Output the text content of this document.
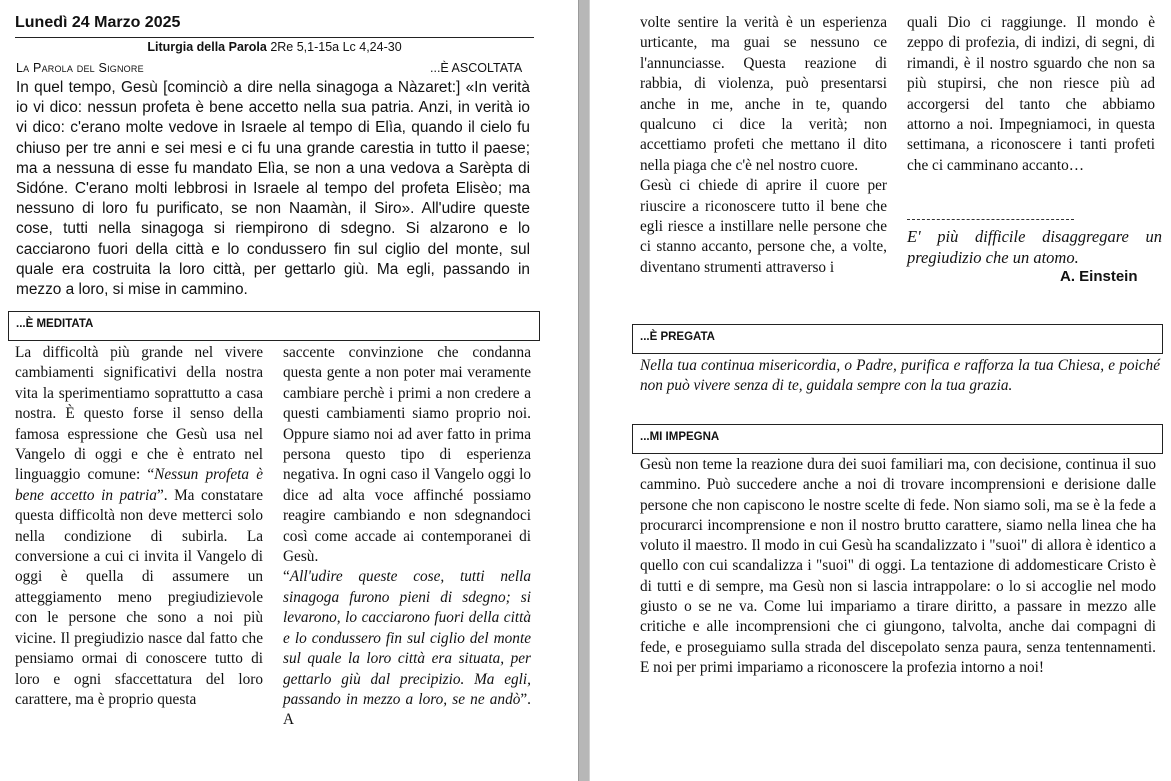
Lunedì 24 Marzo 2025
Liturgia della Parola 2Re 5,1-15a Lc 4,24-30
La Parola del Signore	...È ASCOLTATA
In quel tempo, Gesù [cominciò a dire nella sinagoga a Nàzaret:] «In verità io vi dico: nessun profeta è bene accetto nella sua patria. Anzi, in verità io vi dico: c'erano molte vedove in Israele al tempo di Elìa, quando il cielo fu chiuso per tre anni e sei mesi e ci fu una grande carestia in tutto il paese; ma a nessuna di esse fu mandato Elìa, se non a una vedova a Sarèpta di Sidóne. C'erano molti lebbrosi in Israele al tempo del profeta Elisèo; ma nessuno di loro fu purificato, se non Naamàn, il Siro». All'udire queste cose, tutti nella sinagoga si riempirono di sdegno. Si alzarono e lo cacciarono fuori della città e lo condussero fin sul ciglio del monte, sul quale era costruita la loro città, per gettarlo giù. Ma egli, passando in mezzo a loro, si mise in cammino.
...È MEDITATA

La difficoltà più grande nel vivere cambiamenti significativi della nostra vita la sperimentiamo soprattutto a casa nostra. È questo forse il senso della famosa espressione che Gesù usa nel Vangelo di oggi e che è entrato nel linguaggio comune: “Nessun profeta è bene accetto in patria”. Ma constatare questa difficoltà non deve metterci solo nella condizione di subirla. La conversione a cui ci invita il Vangelo di oggi è quella di assumere un atteggiamento meno pregiudizievole con le persone che sono a noi più vicine. Il pregiudizio nasce dal fatto che pensiamo ormai di conoscere tutto di loro e ogni sfaccettatura del loro carattere, ma è proprio questa

saccente convinzione che condanna questa gente a non poter mai veramente cambiare perchè i primi a non credere a questi cambiamenti siamo proprio noi. Oppure siamo noi ad aver fatto in prima persona questo tipo di esperienza negativa. In ogni caso il Vangelo oggi lo dice ad alta voce affinché possiamo reagire cambiando e non sdegnandoci così come accade ai contemporanei di Gesù.

“All'udire queste cose, tutti nella sinagoga furono pieni di sdegno; si levarono, lo cacciarono fuori della città e lo condussero fin sul ciglio del monte sul quale la loro città era situata, per gettarlo giù dal precipizio. Ma egli, passando in mezzo a loro, se ne andò”. A

volte sentire la verità è un esperienza urticante, ma guai se nessuno ce l'annunciasse. Questa reazione di rabbia, di violenza, può presentarsi anche in me, anche in te, quando qualcuno ci dice la verità; non accettiamo profeti che mettano il dito nella piaga che c'è nel nostro cuore.

Gesù ci chiede di aprire il cuore per riuscire a riconoscere tutto il bene che egli riesce a instillare nelle persone che ci stanno accanto, persone che, a volte, diventano strumenti attraverso i

quali Dio ci raggiunge. Il mondo è zeppo di profezia, di indizi, di segni, di rimandi, è il nostro sguardo che non sa più stupirsi, che non riesce più ad accorgersi del tanto che abbiamo attorno a noi. Impegniamoci, in questa settimana, a riconoscere i tanti profeti che ci camminano accanto…

E' più difficile disaggregare un pregiudizio che un atomo.
A. Einstein
...È PREGATA
Nella tua continua misericordia, o Padre, purifica e rafforza la tua Chiesa, e poiché non può vivere senza di te, guidala sempre con la tua grazia.
...MI IMPEGNA
Gesù non teme la reazione dura dei suoi familiari ma, con decisione, continua il suo cammino. Può succedere anche a noi di trovare incomprensioni e derisione dalle persone che non capiscono le nostre scelte di fede. Non siamo soli, ma se è la fede a procurarci incomprensione e non il nostro brutto carattere, siamo nella linea che ha voluto il maestro. Il modo in cui Gesù ha scandalizzato i "suoi" di allora è identico a quello con cui scandalizza i "suoi" di oggi. La tentazione di addomesticare Cristo è di tutti e di sempre, ma Gesù non si lascia intrappolare: o lo si accoglie nel modo giusto o se ne va. Come lui impariamo a tirare diritto, a passare in mezzo alle critiche e alle incomprensioni che ci giungono, talvolta, anche dai compagni di fede, e proseguiamo sulla strada del discepolato senza paura, senza tentennamenti. E noi per primi impariamo a riconoscere la profezia intorno a noi!
